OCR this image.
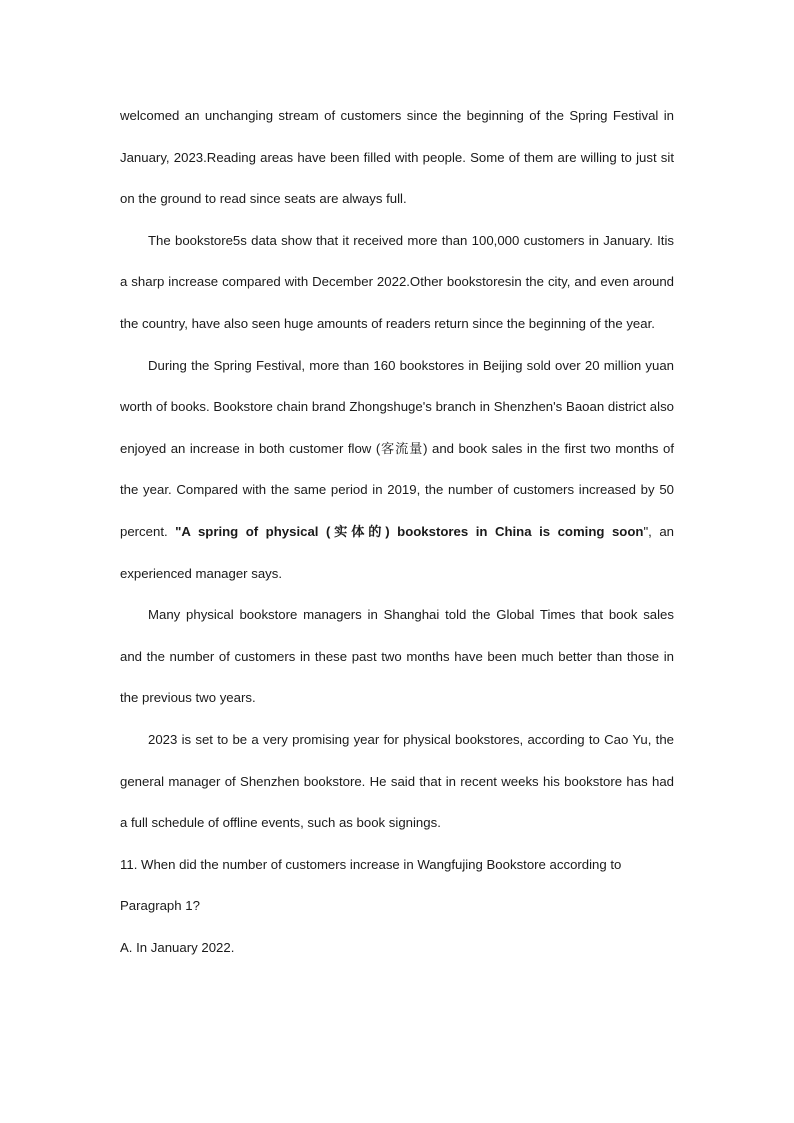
welcomed an unchanging stream of customers since the beginning of the Spring Festival in January, 2023.Reading areas have been filled with people. Some of them are willing to just sit on the ground to read since seats are always full.

The bookstore5s data show that it received more than 100,000 customers in January. Itis a sharp increase compared with December 2022.Other bookstoresin the city, and even around the country, have also seen huge amounts of readers return since the beginning of the year.

During the Spring Festival, more than 160 bookstores in Beijing sold over 20 million yuan worth of books. Bookstore chain brand Zhongshuge's branch in Shenzhen's Baoan district also enjoyed an increase in both customer flow (客流量) and book sales in the first two months of the year. Compared with the same period in 2019, the number of customers increased by 50 percent. "A spring of physical (实体的) bookstores in China is coming soon", an experienced manager says.

Many physical bookstore managers in Shanghai told the Global Times that book sales and the number of customers in these past two months have been much better than those in the previous two years.

2023 is set to be a very promising year for physical bookstores, according to Cao Yu, the general manager of Shenzhen bookstore. He said that in recent weeks his bookstore has had a full schedule of offline events, such as book signings.

11. When did the number of customers increase in Wangfujing Bookstore according to Paragraph 1?

A. In January 2022.
